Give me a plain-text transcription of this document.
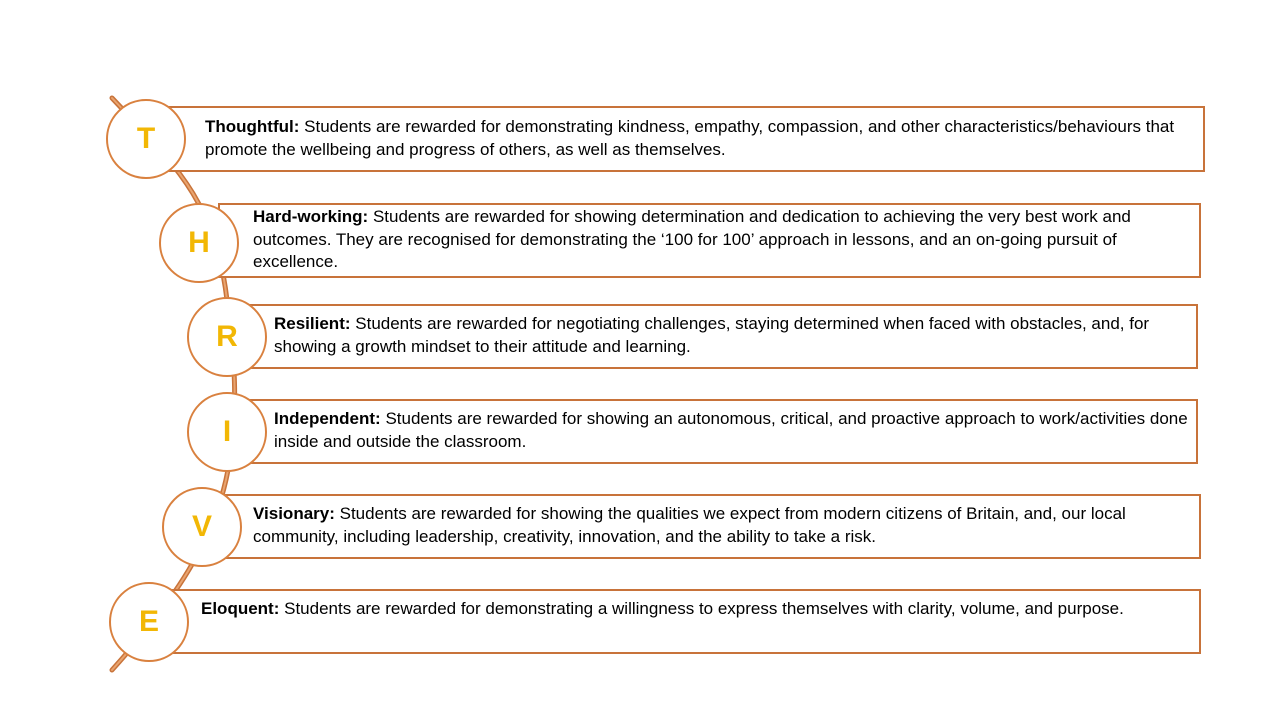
Thoughtful: Students are rewarded for demonstrating kindness, empathy, compassion, and other characteristics/behaviours that promote the wellbeing and progress of others, as well as themselves.
T
Hard-working: Students are rewarded for showing determination and dedication to achieving the very best work and outcomes. They are recognised for demonstrating the ‘100 for 100’ approach in lessons, and an on-going pursuit of excellence.
H
Resilient: Students are rewarded for negotiating challenges, staying determined when faced with obstacles, and, for showing a growth mindset to their attitude and learning.
R
Independent: Students are rewarded for showing an autonomous, critical, and proactive approach to work/activities done inside and outside the classroom.
I
Visionary: Students are rewarded for showing the qualities we expect from modern citizens of Britain, and, our local community, including leadership, creativity, innovation, and the ability to take a risk.
V
Eloquent: Students are rewarded for demonstrating a willingness to express themselves with clarity, volume, and purpose.
E
